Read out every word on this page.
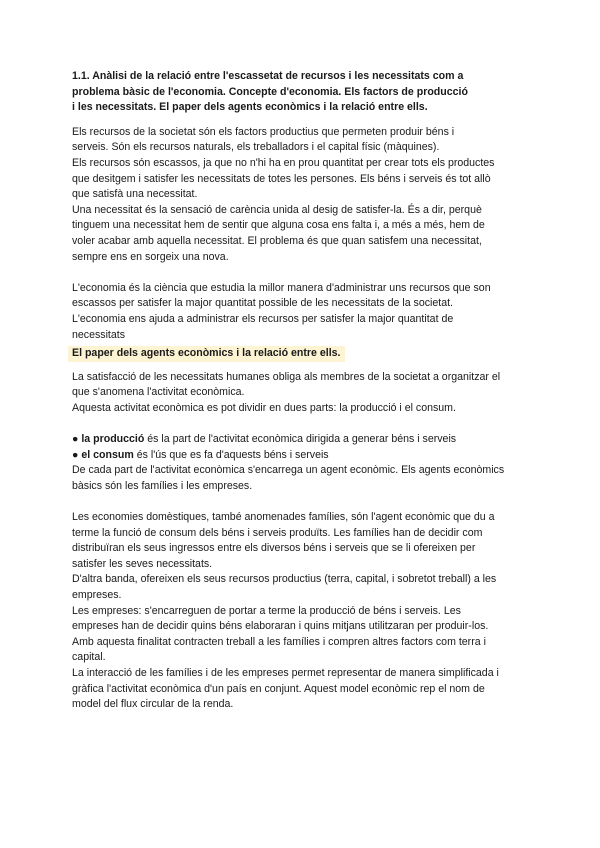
1.1. Anàlisi de la relació entre l'escassetat de recursos i les necessitats com a
problema bàsic de l'economia. Concepte d'economia. Els factors de producció
i les necessitats. El paper dels agents econòmics i la relació entre ells.
Els recursos de la societat són els factors productius que permeten produir béns i
serveis. Són els recursos naturals, els treballadors i el capital físic (màquines).
Els recursos són escassos, ja que no n'hi ha en prou quantitat per crear tots els productes
que desitgem i satisfer les necessitats de totes les persones. Els béns i serveis és tot allò
que satisfà una necessitat.
Una necessitat és la sensació de carència unida al desig de satisfer-la. És a dir, perquè
tinguem una necessitat hem de sentir que alguna cosa ens falta i, a més a més, hem de
voler acabar amb aquella necessitat. El problema és que quan satisfem una necessitat,
sempre ens en sorgeix una nova.
L'economia és la ciència que estudia la millor manera d'administrar uns recursos que son
escassos per satisfer la major quantitat possible de les necessitats de la societat.
L'economia ens ajuda a administrar els recursos per satisfer la major quantitat de
necessitats
El paper dels agents econòmics i la relació entre ells.
La satisfacció de les necessitats humanes obliga als membres de la societat a organitzar el
que s'anomena l'activitat econòmica.
Aquesta activitat econòmica es pot dividir en dues parts: la producció i el consum.
● la producció és la part de l'activitat econòmica dirigida a generar béns i serveis
● el consum és l'ús que es fa d'aquests béns i serveis
De cada part de l'activitat econòmica s'encarrega un agent econòmic. Els agents econòmics
bàsics són les famílies i les empreses.
Les economies domèstiques, també anomenades famílies, són l'agent econòmic que du a
terme la funció de consum dels béns i serveis produïts. Les famílies han de decidir com
distribuïran els seus ingressos entre els diversos béns i serveis que se li ofereixen per
satisfer les seves necessitats.
D'altra banda, ofereixen els seus recursos productius (terra, capital, i sobretot treball) a les
empreses.
Les empreses: s'encarreguen de portar a terme la producció de béns i serveis. Les
empreses han de decidir quins béns elaboraran i quins mitjans utilitzaran per produir-los.
Amb aquesta finalitat contracten treball a les famílies i compren altres factors com terra i
capital.
La interacció de les famílies i de les empreses permet representar de manera simplificada i
gràfica l'activitat econòmica d'un país en conjunt. Aquest model econòmic rep el nom de
model del flux circular de la renda.
